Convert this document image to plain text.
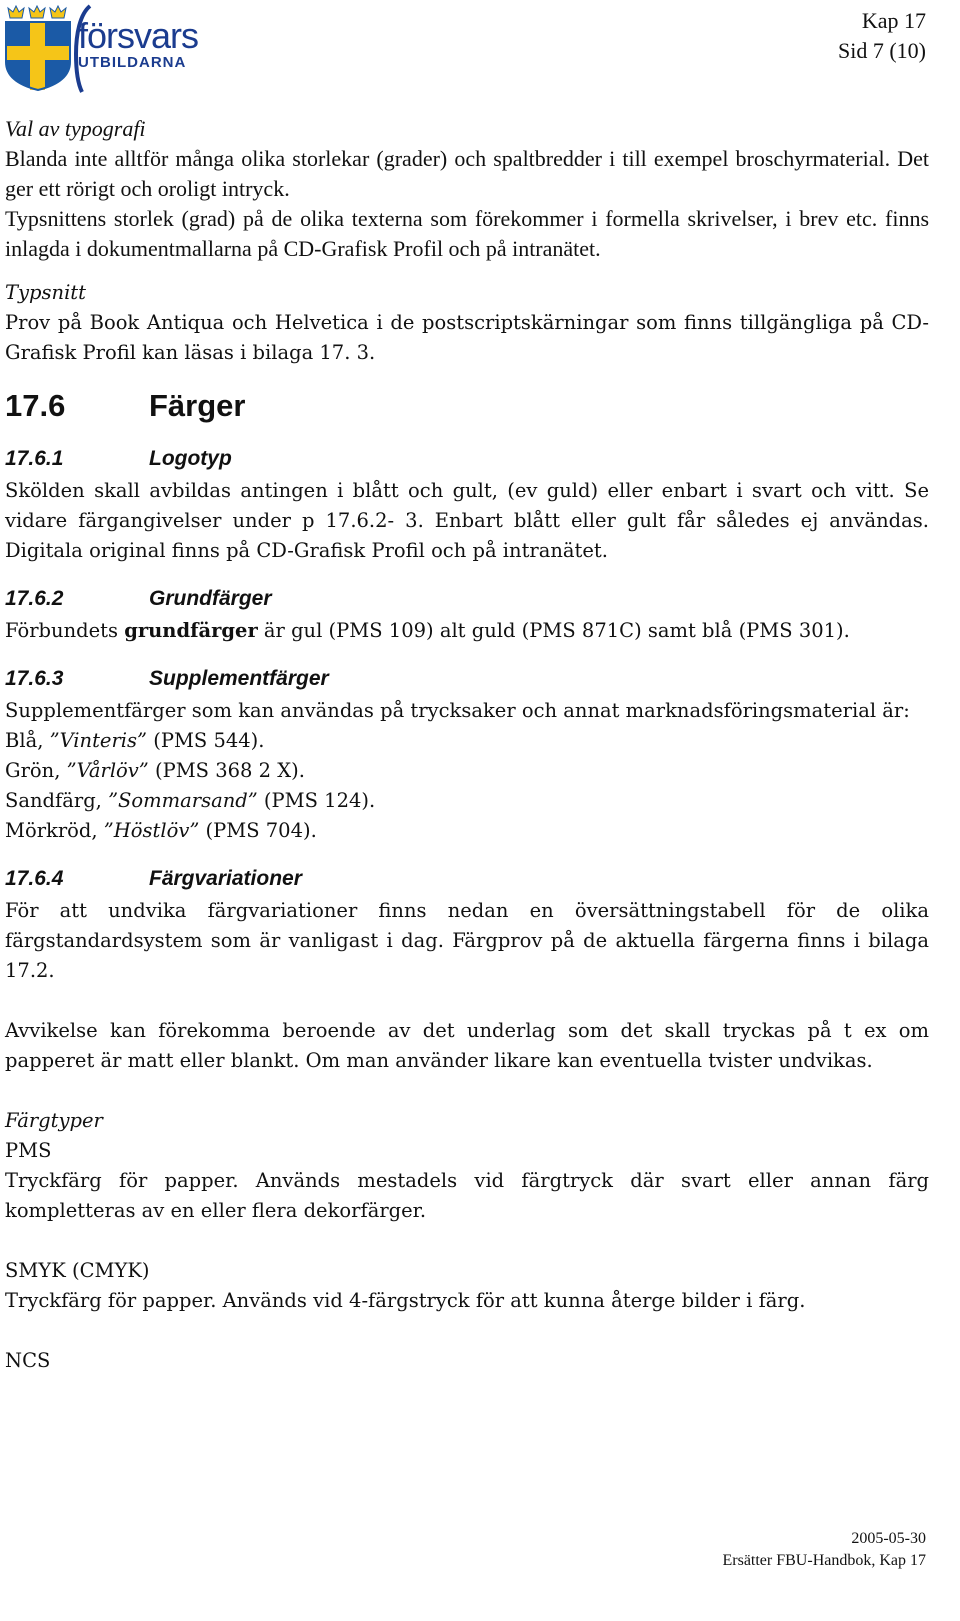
försvars
UTBILDARNA
Kap 17
Sid 7 (10)

Val av typografi

Blanda inte alltför många olika storlekar (grader) och spaltbredder i till exempel broschyrmaterial. Det ger ett rörigt och oroligt intryck.

Typsnittens storlek (grad) på de olika texterna som förekommer i formella skrivelser, i brev etc. finns inlagda i dokumentmallarna på CD-Grafisk Profil och på intranätet.

Typsnitt

Prov på Book Antiqua och Helvetica i de postscriptskärningar som finns tillgängliga på CD-Grafisk Profil kan läsas i bilaga 17. 3.

17.6	Färger
17.6.1	Logotyp

Skölden skall avbildas antingen i blått och gult, (ev guld) eller enbart i svart och vitt. Se vidare färgangivelser under p 17.6.2- 3. Enbart blått eller gult får således ej användas. Digitala original finns på CD-Grafisk Profil och på intranätet.

17.6.2	Grundfärger

Förbundets grundfärger är gul (PMS 109) alt guld (PMS 871C) samt blå (PMS 301).

17.6.3	Supplementfärger

Supplementfärger som kan användas på trycksaker och annat marknadsföringsmaterial är:

Blå, ”Vinteris” (PMS 544).

Grön, ”Vårlöv” (PMS 368 2 X).

Sandfärg, ”Sommarsand” (PMS 124).

Mörkröd, ”Höstlöv” (PMS 704).

17.6.4	Färgvariationer

För att undvika färgvariationer finns nedan en översättningstabell för de olika färgstandardsystem som är vanligast i dag. Färgprov på de aktuella färgerna finns i bilaga 17.2.

Avvikelse kan förekomma beroende av det underlag som det skall tryckas på t ex om papperet är matt eller blankt. Om man använder likare kan eventuella tvister undvikas.

Färgtyper

PMS

Tryckfärg för papper. Används mestadels vid färgtryck där svart eller annan färg kompletteras av en eller flera dekorfärger.

SMYK (CMYK)

Tryckfärg för papper. Används vid 4-färgstryck för att kunna återge bilder i färg.

NCS

2005-05-30
Ersätter FBU-Handbok, Kap 17
